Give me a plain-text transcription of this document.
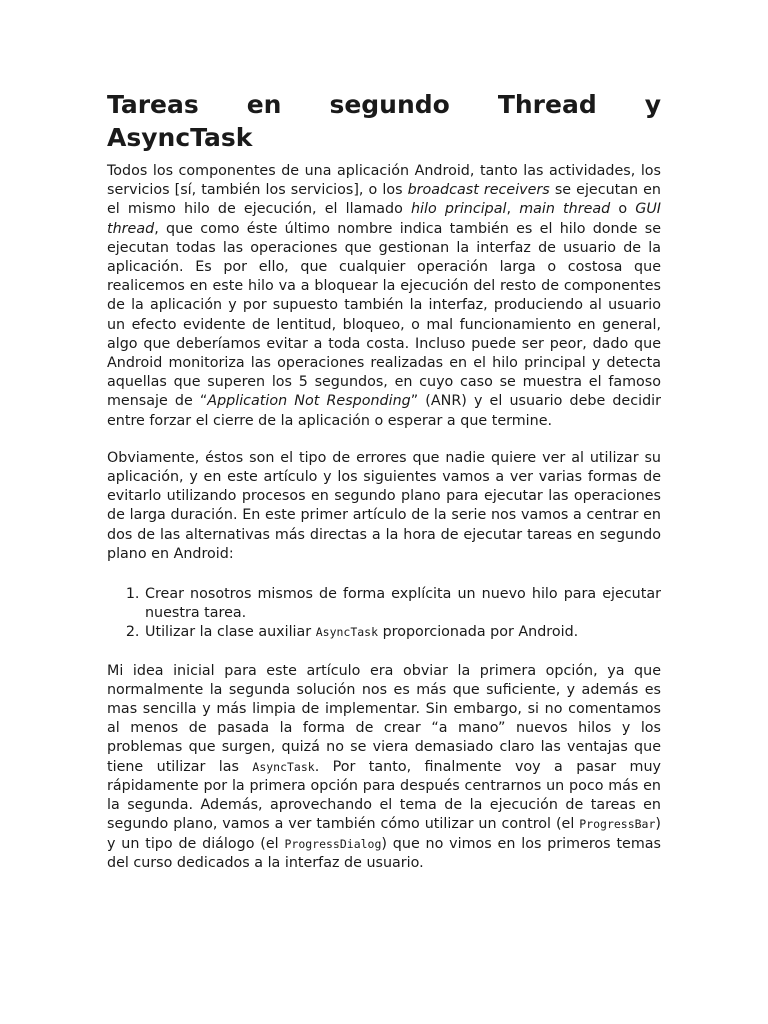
Tareas en segundo Thread y
AsyncTask

Todos los componentes de una aplicación Android, tanto las actividades, los servicios [sí, también los servicios], o los broadcast receivers se ejecutan en el mismo hilo de ejecución, el llamado hilo principal, main thread o GUI thread, que como éste último nombre indica también es el hilo donde se ejecutan todas las operaciones que gestionan la interfaz de usuario de la aplicación. Es por ello, que cualquier operación larga o costosa que realicemos en este hilo va a bloquear la ejecución del resto de componentes de la aplicación y por supuesto también la interfaz, produciendo al usuario un efecto evidente de lentitud, bloqueo, o mal funcionamiento en general, algo que deberíamos evitar a toda costa. Incluso puede ser peor, dado que Android monitoriza las operaciones realizadas en el hilo principal y detecta aquellas que superen los 5 segundos, en cuyo caso se muestra el famoso mensaje de “Application Not Responding” (ANR) y el usuario debe decidir entre forzar el cierre de la aplicación o esperar a que termine.

Obviamente, éstos son el tipo de errores que nadie quiere ver al utilizar su aplicación, y en este artículo y los siguientes vamos a ver varias formas de evitarlo utilizando procesos en segundo plano para ejecutar las operaciones de larga duración. En este primer artículo de la serie nos vamos a centrar en dos de las alternativas más directas a la hora de ejecutar tareas en segundo plano en Android:

1. Crear nosotros mismos de forma explícita un nuevo hilo para ejecutar nuestra tarea.
2. Utilizar la clase auxiliar AsyncTask proporcionada por Android.

Mi idea inicial para este artículo era obviar la primera opción, ya que normalmente la segunda solución nos es más que suficiente, y además es mas sencilla y más limpia de implementar. Sin embargo, si no comentamos al menos de pasada la forma de crear “a mano” nuevos hilos y los problemas que surgen, quizá no se viera demasiado claro las ventajas que tiene utilizar las AsyncTask. Por tanto, finalmente voy a pasar muy rápidamente por la primera opción para después centrarnos un poco más en la segunda. Además, aprovechando el tema de la ejecución de tareas en segundo plano, vamos a ver también cómo utilizar un control (el ProgressBar) y un tipo de diálogo (el ProgressDialog) que no vimos en los primeros temas del curso dedicados a la interfaz de usuario.
